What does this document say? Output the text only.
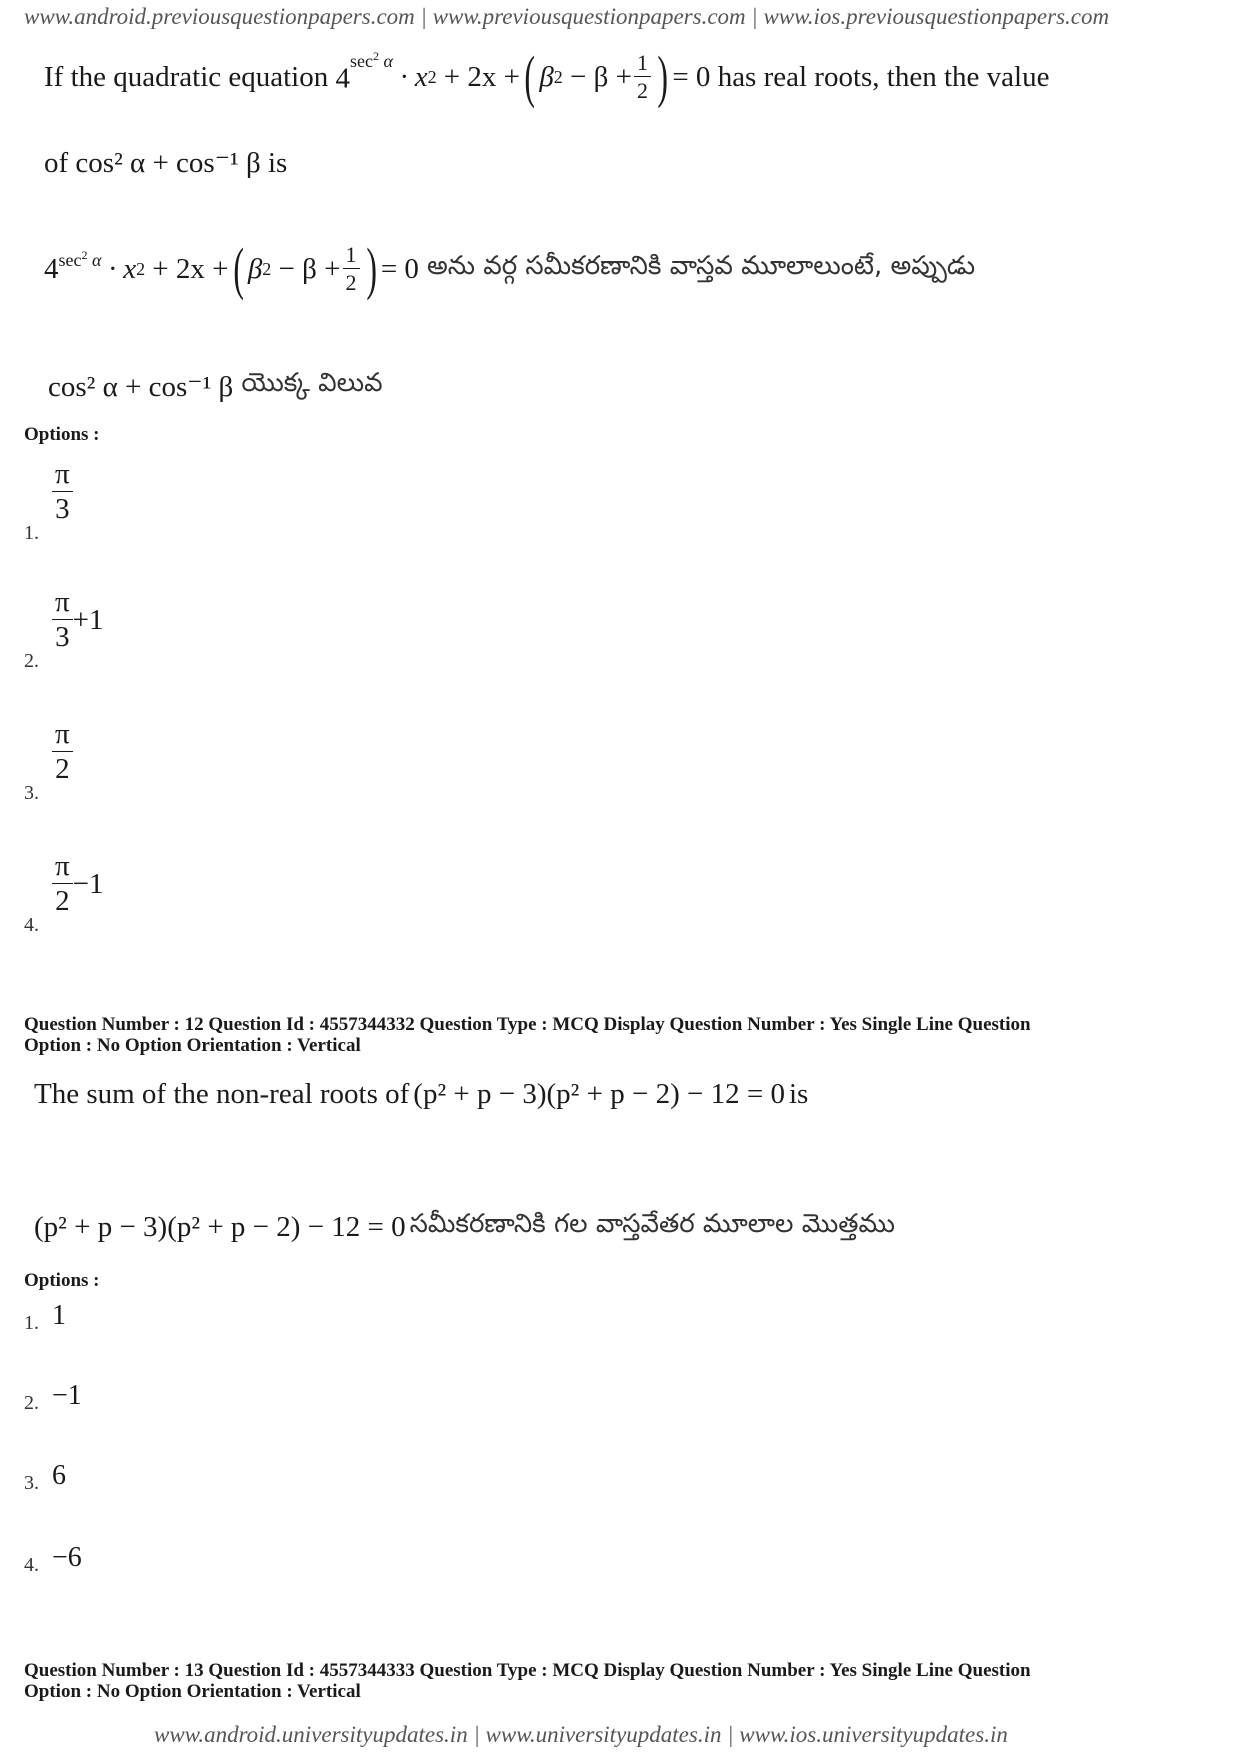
www.android.previousquestionpapers.com | www.previousquestionpapers.com | www.ios.previousquestionpapers.com
If the quadratic equation
$4^{sec^2 \alpha}$
· x 2
+ 2x + ( β 2
− $\beta + \frac{1}{2}$ ) = 0
has real roots, then the value
of cos² α + cos⁻¹ β is
4 $^{sec^2 \alpha}$
· x 2
+ 2x + ( β 2
− $\beta + \frac{1}{2}$ ) = 0
అను వర్గ సమీకరణానికి వాస్తవ మూలాలుంటే, అప్పుడు
cos² α + cos⁻¹ β
యొక్క విలువ
Options :
1.
$\frac{\pi}{3}$
2.
$\frac{\pi}{3} +1$
3.
$\frac{\pi}{2}$
4.
$\frac{\pi}{2} -1$
Question Number : 12 Question Id : 4557344332 Question Type : MCQ Display Question Number : Yes Single Line Question
Option : No Option Orientation : Vertical
The sum of the non-real roots of
(p² + p − 3)(p² + p − 2) − 12 = 0
is
(p² + p − 3)(p² + p − 2) − 12 = 0
సమీకరణానికి గల వాస్తవేతర మూలాల మొత్తము
Options :
1. 1
2. −1
3. 6
4. −6
Question Number : 13 Question Id : 4557344333 Question Type : MCQ Display Question Number : Yes Single Line Question
Option : No Option Orientation : Vertical
www.android.universityupdates.in | www.universityupdates.in | www.ios.universityupdates.in
